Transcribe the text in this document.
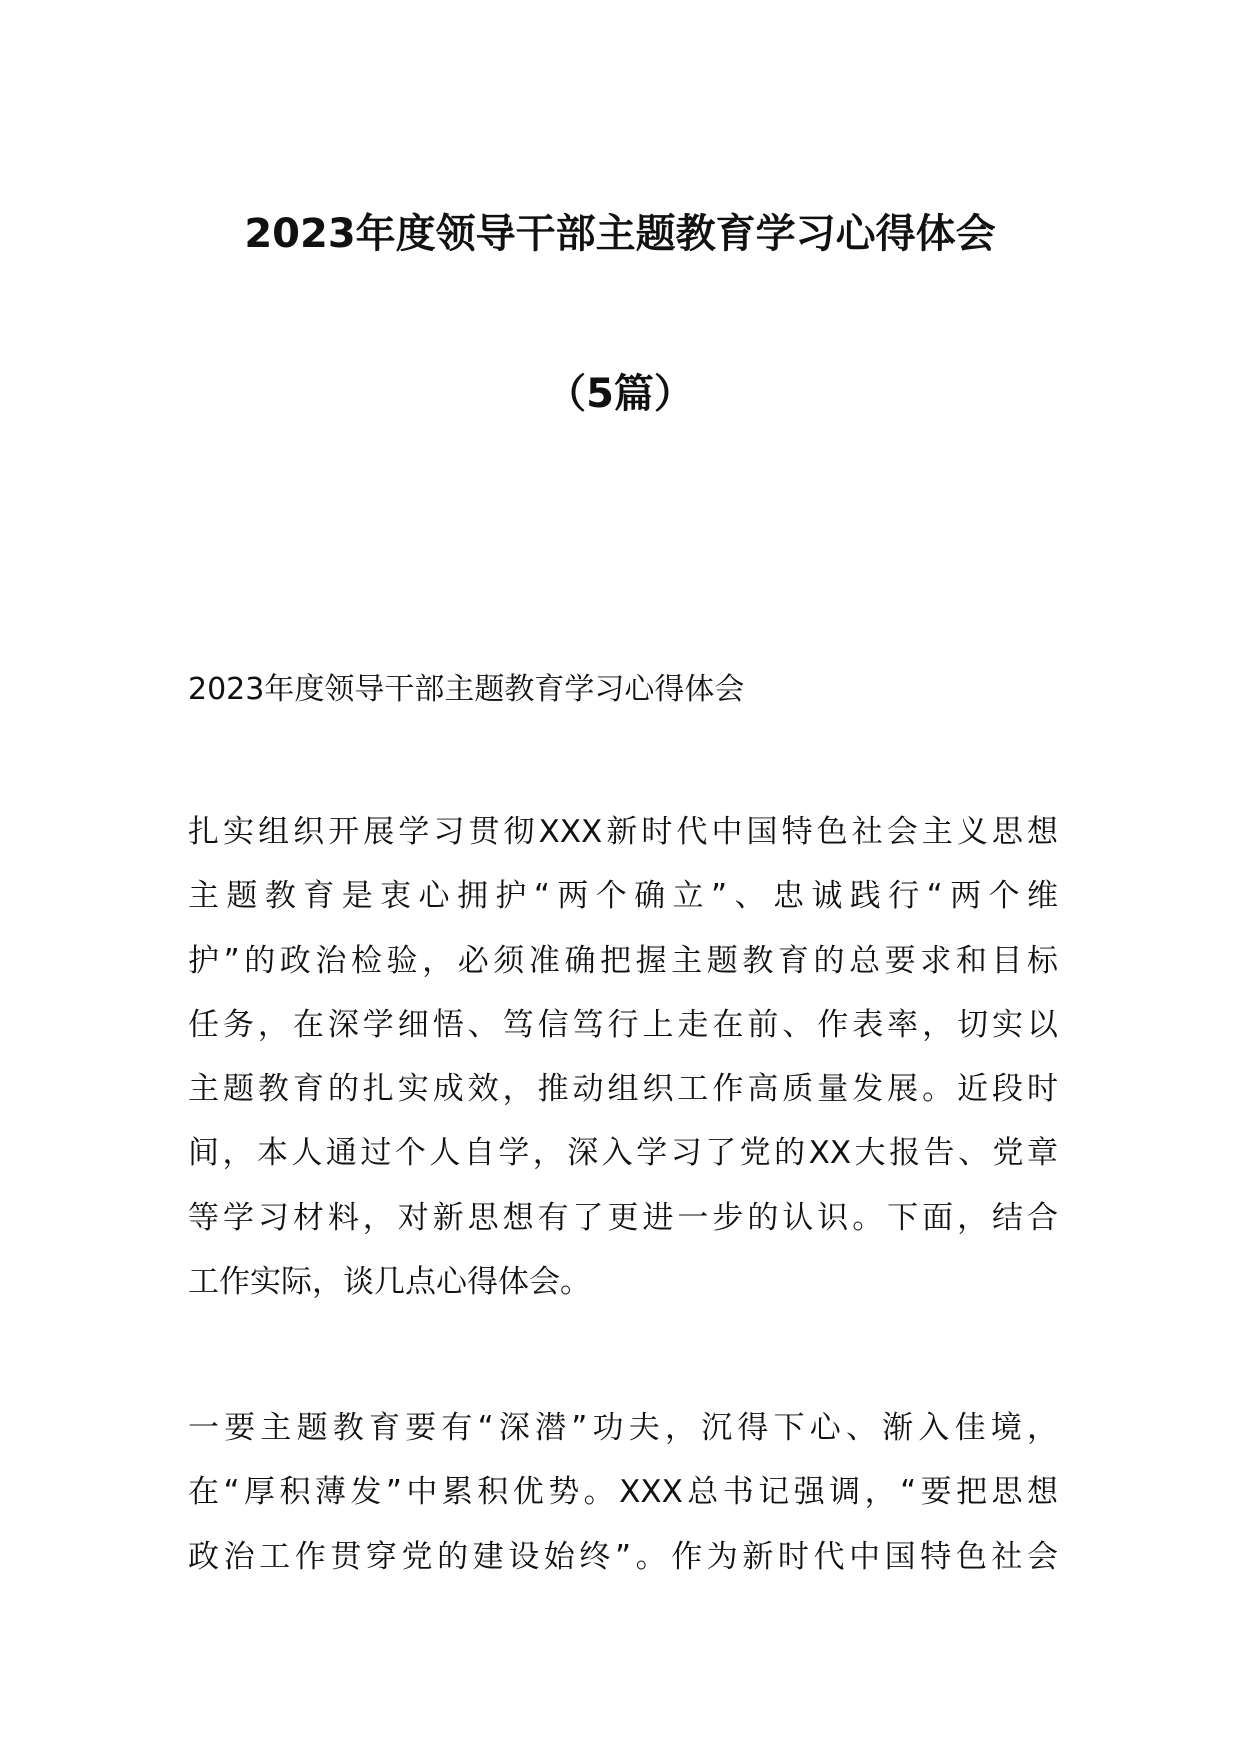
2023年度领导干部主题教育学习心得体会
（5篇）

2023年度领导干部主题教育学习心得体会

扎实组织开展学习贯彻XXX新时代中国特色社会主义思想
主题教育是衷心拥护“两个确立”、忠诚践行“两个维
护”的政治检验，必须准确把握主题教育的总要求和目标
任务，在深学细悟、笃信笃行上走在前、作表率，切实以
主题教育的扎实成效，推动组织工作高质量发展。近段时
间，本人通过个人自学，深入学习了党的XX大报告、党章
等学习材料，对新思想有了更进一步的认识。下面，结合
工作实际，谈几点心得体会。
一要主题教育要有“深潜”功夫，沉得下心、渐入佳境，
在“厚积薄发”中累积优势。XXX总书记强调，“要把思想
政治工作贯穿党的建设始终”。作为新时代中国特色社会
